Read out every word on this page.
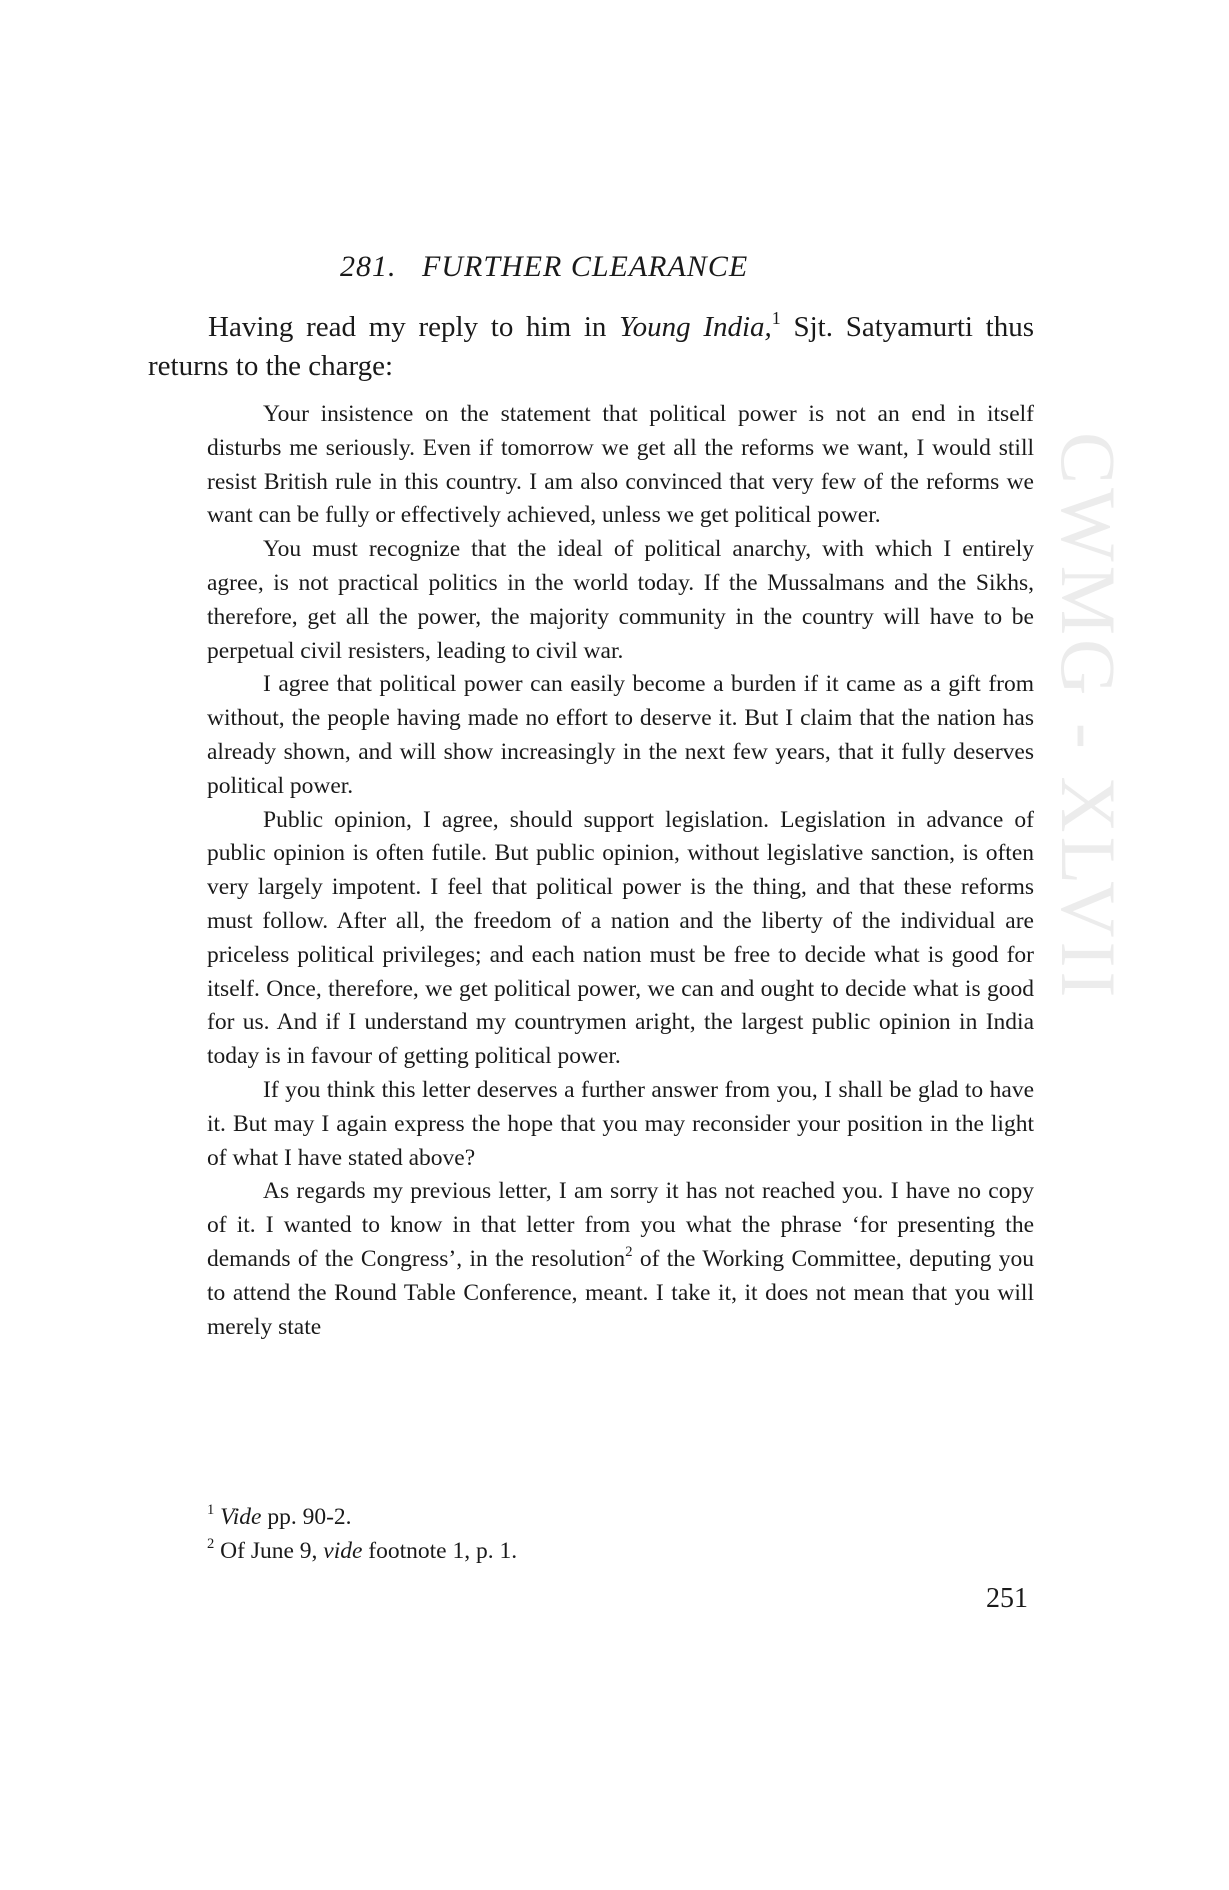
CWMG - XLVII
281. FURTHER CLEARANCE

Having read my reply to him in Young India,$^1$ Sjt. Satyamurti thus returns to the charge:

Your insistence on the statement that political power is not an end in itself disturbs me seriously. Even if tomorrow we get all the reforms we want, I would still resist British rule in this country. I am also convinced that very few of the reforms we want can be fully or effectively achieved, unless we get political power.

You must recognize that the ideal of political anarchy, with which I entirely agree, is not practical politics in the world today. If the Mussalmans and the Sikhs, therefore, get all the power, the majority community in the country will have to be perpetual civil resisters, leading to civil war.

I agree that political power can easily become a burden if it came as a gift from without, the people having made no effort to deserve it. But I claim that the nation has already shown, and will show increasingly in the next few years, that it fully deserves political power.

Public opinion, I agree, should support legislation. Legislation in advance of public opinion is often futile. But public opinion, without legislative sanction, is often very largely impotent. I feel that political power is the thing, and that these reforms must follow. After all, the freedom of a nation and the liberty of the individual are priceless political privileges; and each nation must be free to decide what is good for itself. Once, therefore, we get political power, we can and ought to decide what is good for us. And if I understand my countrymen aright, the largest public opinion in India today is in favour of getting political power.

If you think this letter deserves a further answer from you, I shall be glad to have it. But may I again express the hope that you may reconsider your position in the light of what I have stated above?

As regards my previous letter, I am sorry it has not reached you. I have no copy of it. I wanted to know in that letter from you what the phrase ‘for presenting the demands of the Congress’, in the resolution$^2$ of the Working Committee, deputing you to attend the Round Table Conference, meant. I take it, it does not mean that you will merely state

$^1$ Vide pp. 90-2.

$^2$ Of June 9, vide footnote 1, p. 1.

251
